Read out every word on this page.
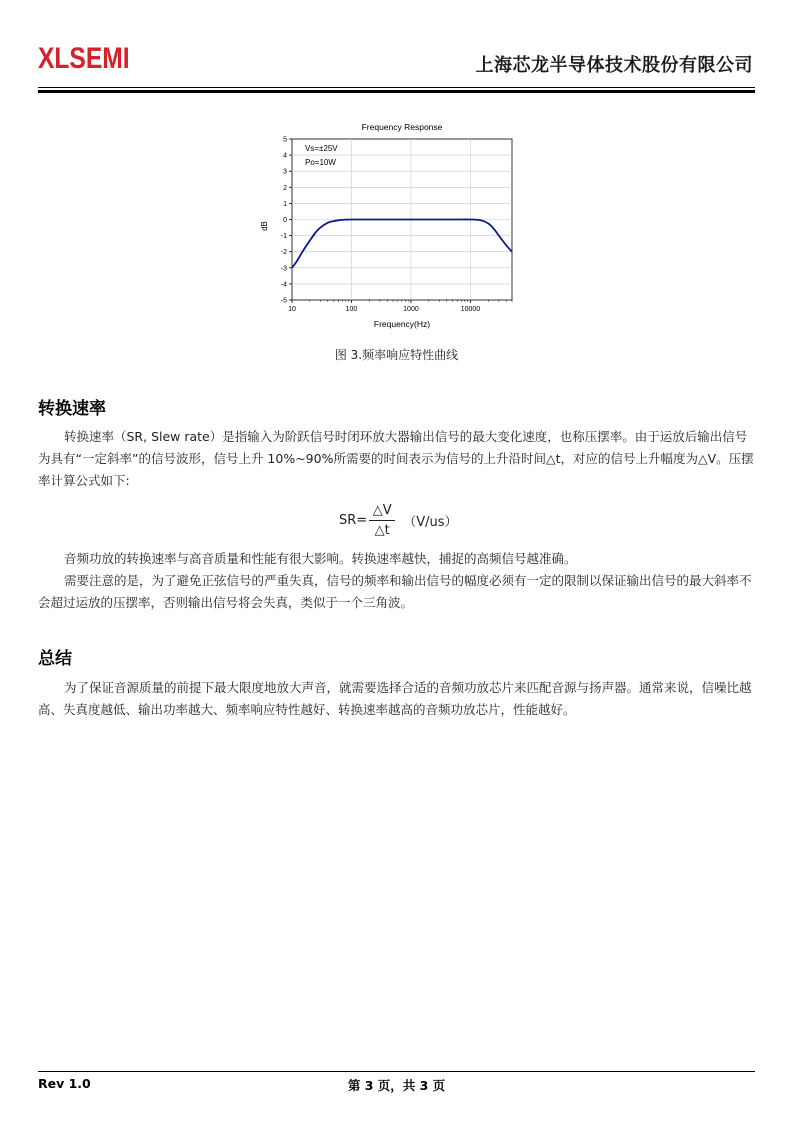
XLSEMI	上海芯龙半导体技术股份有限公司
Frequency Response
5
4
3
2
1
0
-1
-2
-3
-4
-5
10	100	1000	10000
dB
Frequency(Hz)
Vs=±25V
Po=10W
图 3.频率响应特性曲线
转换速率
转换速率（SR, Slew rate）是指输入为阶跃信号时闭环放大器输出信号的最大变化速度，也称压摆率。由于运放后输出信号为具有“一定斜率”的信号波形，信号上升 10%~90%所需要的时间表示为信号的上升沿时间△t，对应的信号上升幅度为△V。压摆率计算公式如下:
$SR= \frac{\triangle V}{\triangle t} (V/us)$
音频功放的转换速率与高音质量和性能有很大影响。转换速率越快，捕捉的高频信号越准确。
需要注意的是，为了避免正弦信号的严重失真，信号的频率和输出信号的幅度必须有一定的限制以保证输出信号的最大斜率不会超过运放的压摆率，否则输出信号将会失真，类似于一个三角波。
总结
为了保证音源质量的前提下最大限度地放大声音，就需要选择合适的音频功放芯片来匹配音源与扬声器。通常来说，信噪比越高、失真度越低、输出功率越大、频率响应特性越好、转换速率越高的音频功放芯片，性能越好。
Rev 1.0	第 3 页，共 3 页
